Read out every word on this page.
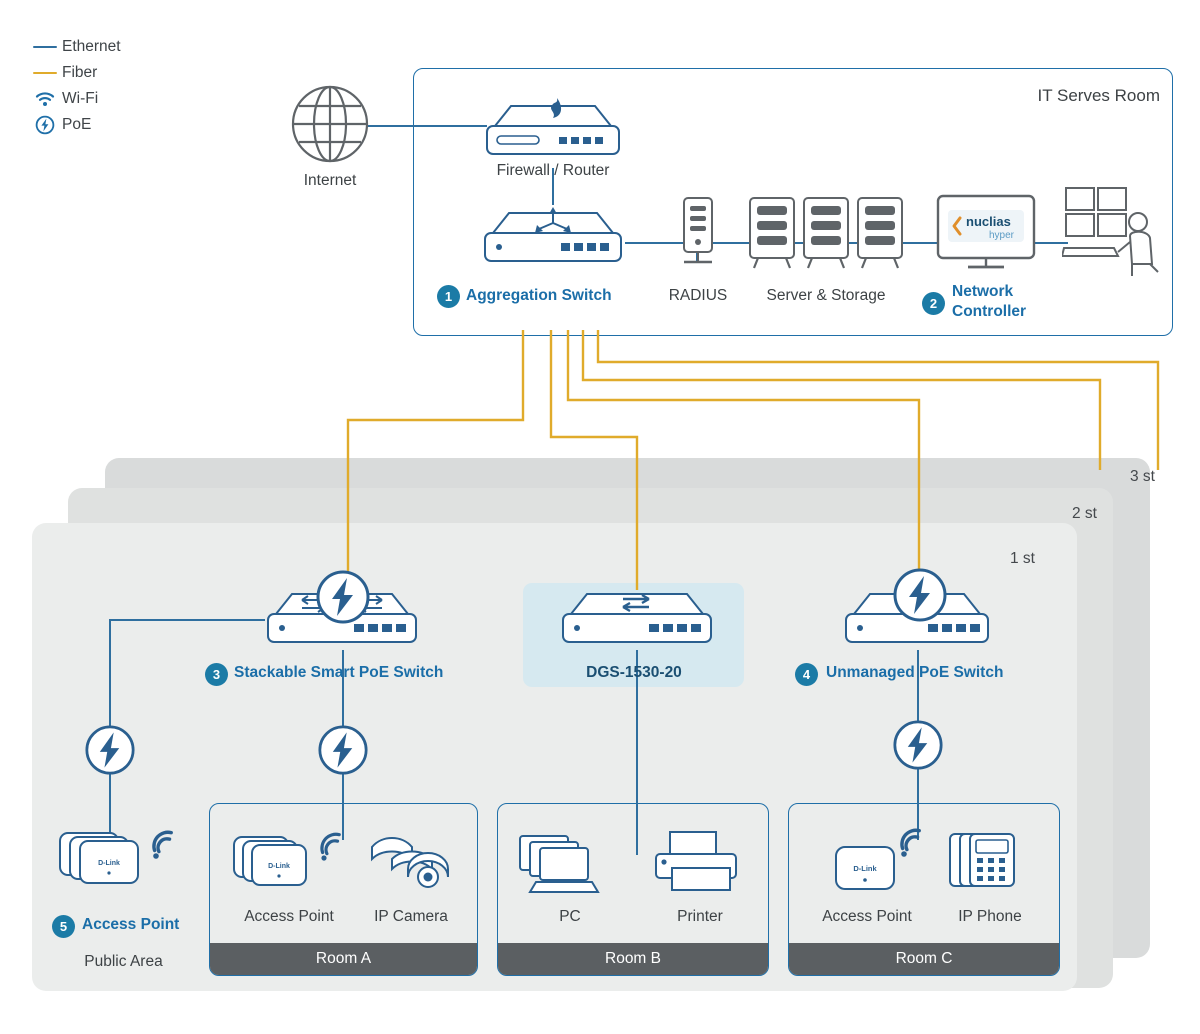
3 st
2 st
1 st
IT Serves Room
Room A	Room B	Room C
Ethernet
Fiber
Wi-Fi
PoE
Internet
Firewall / Router
1 Aggregation Switch	RADIUS	Server & Storage
nuclias
hyper
2
Network
Controller
3 Stackable Smart PoE Switch	DGS-1530-20	4	Unmanaged PoE Switch
D-Link
5 Access Point
Public Area
D-Link
Access Point	IP Camera	PC	Printer
D-Link
Access Point	IP Phone
